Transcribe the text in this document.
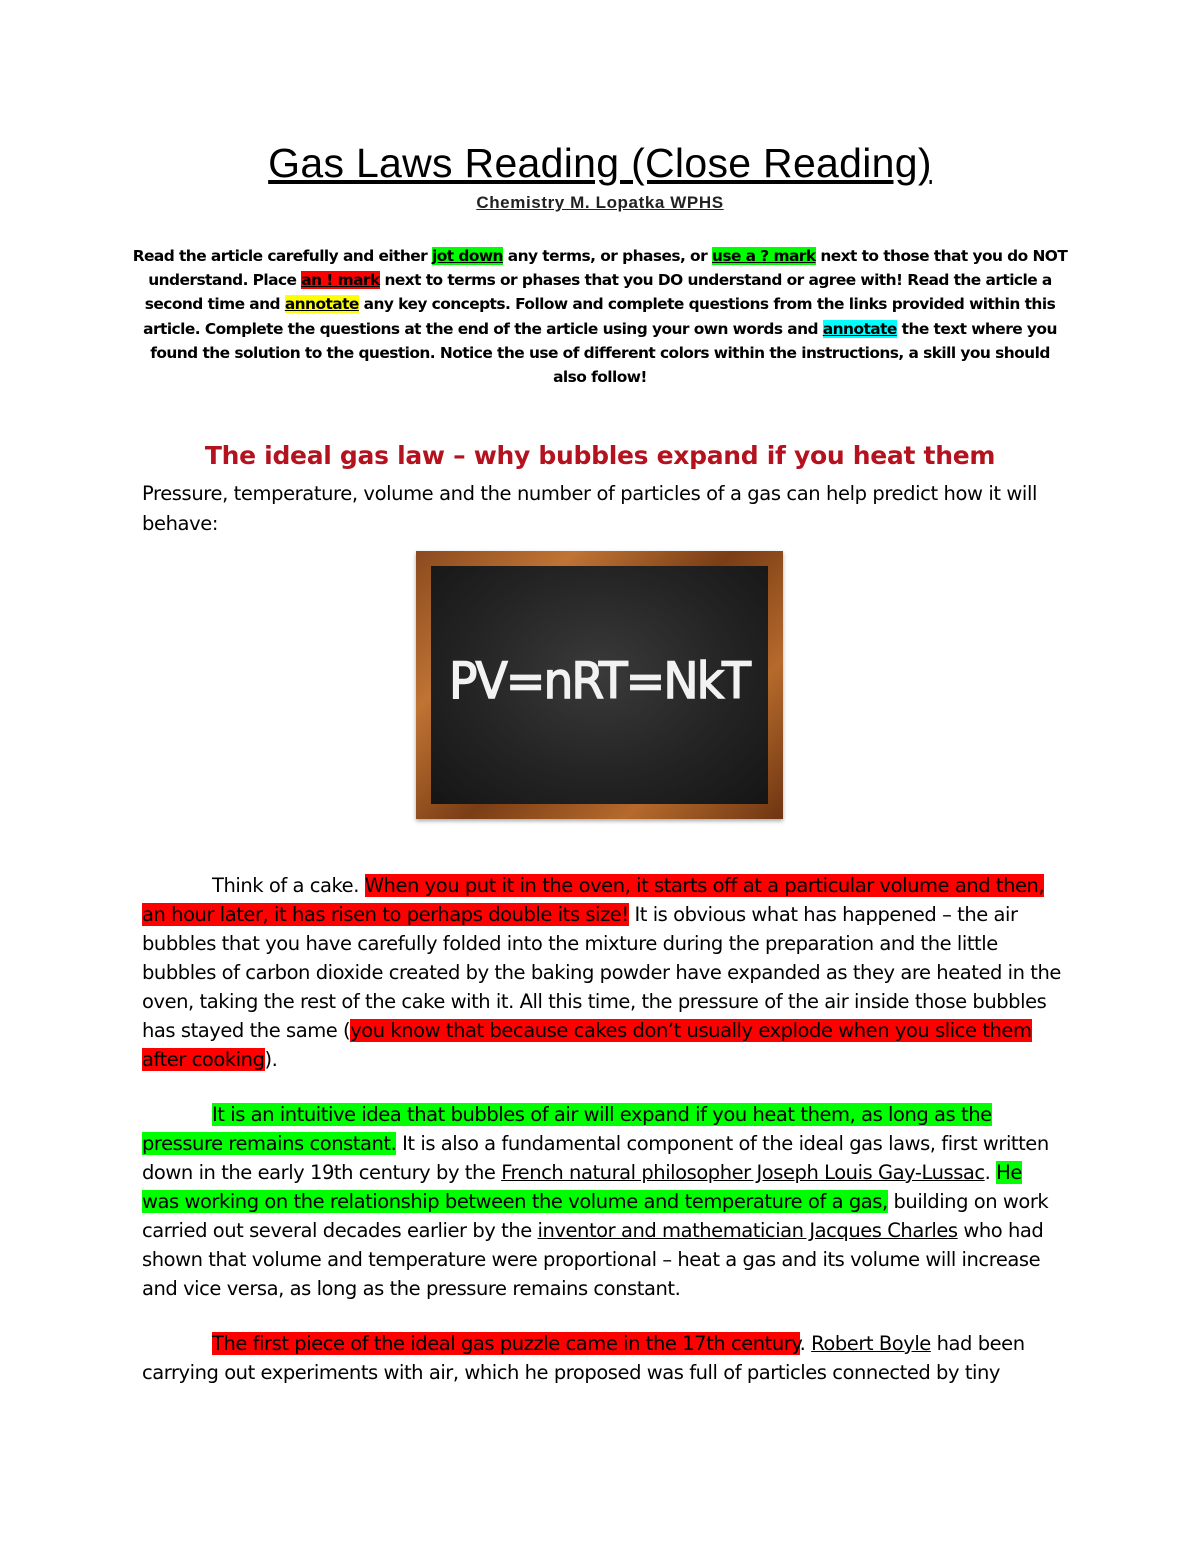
Gas Laws Reading (Close Reading)
Chemistry M. Lopatka WPHS
Read the article carefully and either jot down any terms, or phases, or use a ? mark next to those that you do NOT understand. Place an ! mark next to terms or phases that you DO understand or agree with! Read the article a second time and annotate any key concepts. Follow and complete questions from the links provided within this article. Complete the questions at the end of the article using your own words and annotate the text where you found the solution to the question. Notice the use of different colors within the instructions, a skill you should also follow!
The ideal gas law – why bubbles expand if you heat them
Pressure, temperature, volume and the number of particles of a gas can help predict how it will behave:
PV=nRT=NkT
Think of a cake. When you put it in the oven, it starts off at a particular volume and then, an hour later, it has risen to perhaps double its size! It is obvious what has happened – the air bubbles that you have carefully folded into the mixture during the preparation and the little bubbles of carbon dioxide created by the baking powder have expanded as they are heated in the oven, taking the rest of the cake with it. All this time, the pressure of the air inside those bubbles has stayed the same (you know that because cakes don’t usually explode when you slice them after cooking).
It is an intuitive idea that bubbles of air will expand if you heat them, as long as the pressure remains constant. It is also a fundamental component of the ideal gas laws, first written down in the early 19th century by the French natural philosopher Joseph Louis Gay-Lussac. He was working on the relationship between the volume and temperature of a gas, building on work carried out several decades earlier by the inventor and mathematician Jacques Charles who had shown that volume and temperature were proportional – heat a gas and its volume will increase and vice versa, as long as the pressure remains constant.
The first piece of the ideal gas puzzle came in the 17th century. Robert Boyle had been carrying out experiments with air, which he proposed was full of particles connected by tiny
